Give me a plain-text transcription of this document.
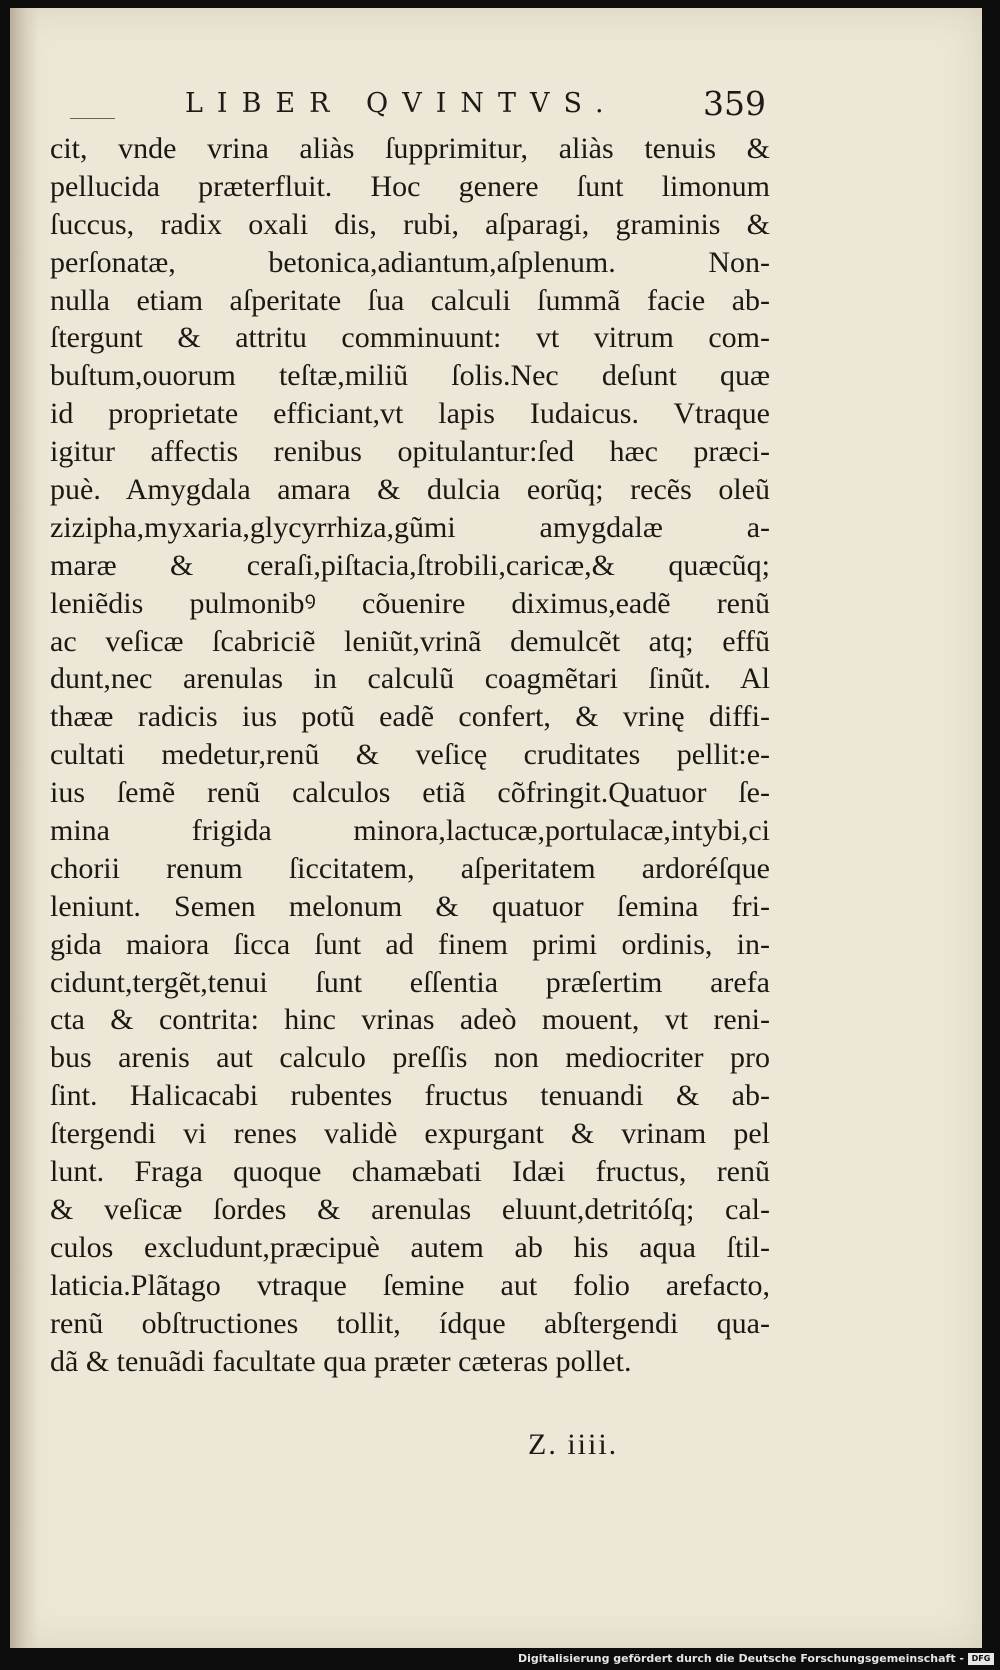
LIBER QVINTVS.	359
cit, vnde vrina aliàs ſupprimitur, aliàs tenuis &
pellucida prӕterfluit. Hoc genere ſunt limonum
ſuccus, radix oxali dis, rubi, aſparagi, graminis &
perſonatӕ, betonica,adiantum,aſplenum. Non-
nulla etiam aſperitate ſua calculi ſummã facie ab-
ſtergunt & attritu comminuunt: vt vitrum com-
buſtum,ouorum teſtӕ,miliũ ſolis.Nec deſunt quӕ
id proprietate efficiant,vt lapis Iudaicus. Vtraque
igitur affectis renibus opitulantur:ſed hӕc prӕci-
puè. Amygdala amara & dulcia eorũq; recẽs oleũ
zizipha,myxaria,glycyrrhiza,gũmi amygdalӕ a-
marӕ & ceraſi,piſtacia,ſtrobili,caricӕ,& quӕcũq;
leniẽdis pulmonibꝰ cõuenire diximus,eadẽ renũ
ac veſicӕ ſcabriciẽ leniũt,vrinã demulcẽt atq; effũ
dunt,nec arenulas in calculũ coagmẽtari ſinũt. Al
thӕӕ radicis ius potũ eadẽ confert, & vrinę diffi-
cultati medetur,renũ & veſicę cruditates pellit:e-
ius ſemẽ renũ calculos etiã cõfringit.Quatuor ſe-
mina frigida minora,lactucӕ,portulacӕ,intybi,ci
chorii renum ſiccitatem, aſperitatem ardoréſque
leniunt. Semen melonum & quatuor ſemina fri-
gida maiora ſicca ſunt ad finem primi ordinis, in-
cidunt,tergẽt,tenui ſunt eſſentia prӕſertim arefa
cta & contrita: hinc vrinas adeò mouent, vt reni-
bus arenis aut calculo preſſis non mediocriter pro
ſint. Halicacabi rubentes fructus tenuandi & ab-
ſtergendi vi renes validè expurgant & vrinam pel
lunt. Fraga quoque chamӕbati Idӕi fructus, renũ
& veſicӕ ſordes & arenulas eluunt,detritóſq; cal-
culos excludunt,prӕcipuè autem ab his aqua ſtil-
laticia.Plãtago vtraque ſemine aut folio arefacto,
renũ obſtructiones tollit, ídque abſtergendi qua-
dã & tenuãdi facultate qua prӕter cӕteras pollet.
Z. iiii.
Digitalisierung gefördert durch die Deutsche Forschungsgemeinschaft - DFG
